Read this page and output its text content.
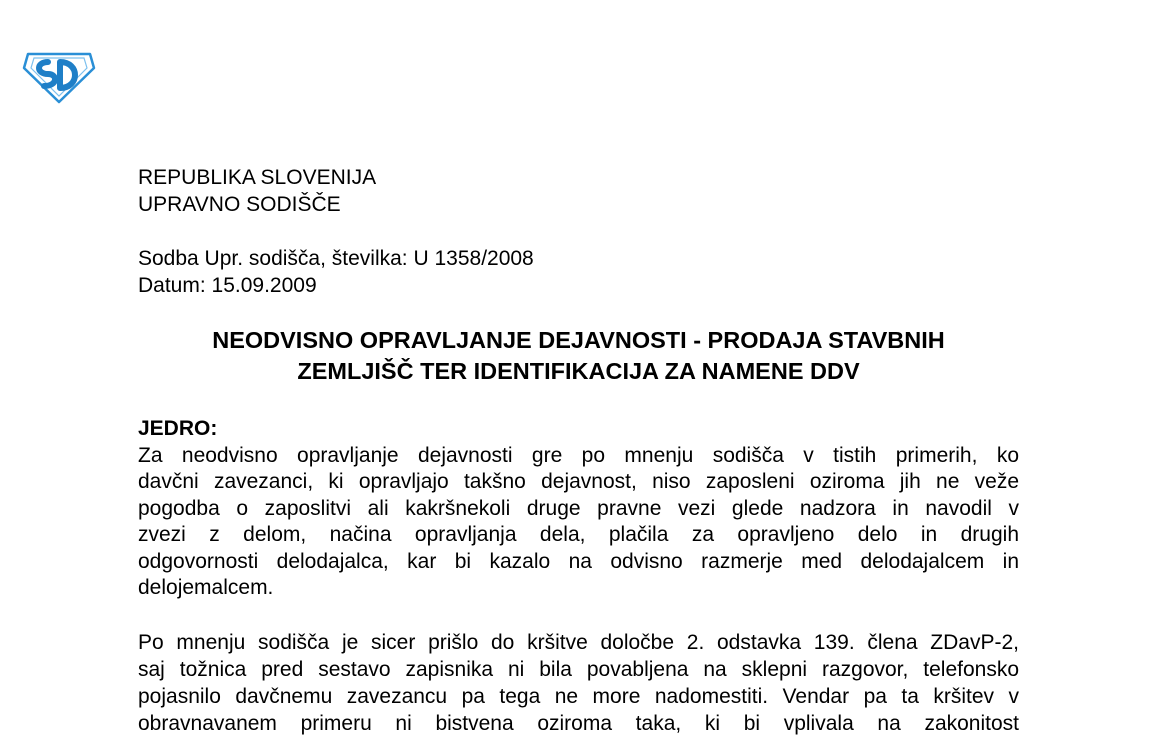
REPUBLIKA SLOVENIJA
UPRAVNO SODIŠČE
Sodba Upr. sodišča, številka: U 1358/2008
Datum: 15.09.2009
NEODVISNO OPRAVLJANJE DEJAVNOSTI - PRODAJA STAVBNIH
ZEMLJIŠČ TER IDENTIFIKACIJA ZA NAMENE DDV
JEDRO:
Za neodvisno opravljanje dejavnosti gre po mnenju sodišča v tistih primerih, ko
davčni zavezanci, ki opravljajo takšno dejavnost, niso zaposleni oziroma jih ne veže
pogodba o zaposlitvi ali kakršnekoli druge pravne vezi glede nadzora in navodil v
zvezi z delom, načina opravljanja dela, plačila za opravljeno delo in drugih
odgovornosti delodajalca, kar bi kazalo na odvisno razmerje med delodajalcem in
delojemalcem.
Po mnenju sodišča je sicer prišlo do kršitve določbe 2. odstavka 139. člena ZDavP-2,
saj tožnica pred sestavo zapisnika ni bila povabljena na sklepni razgovor, telefonsko
pojasnilo davčnemu zavezancu pa tega ne more nadomestiti. Vendar pa ta kršitev v
obravnavanem primeru ni bistvena oziroma taka, ki bi vplivala na zakonitost
